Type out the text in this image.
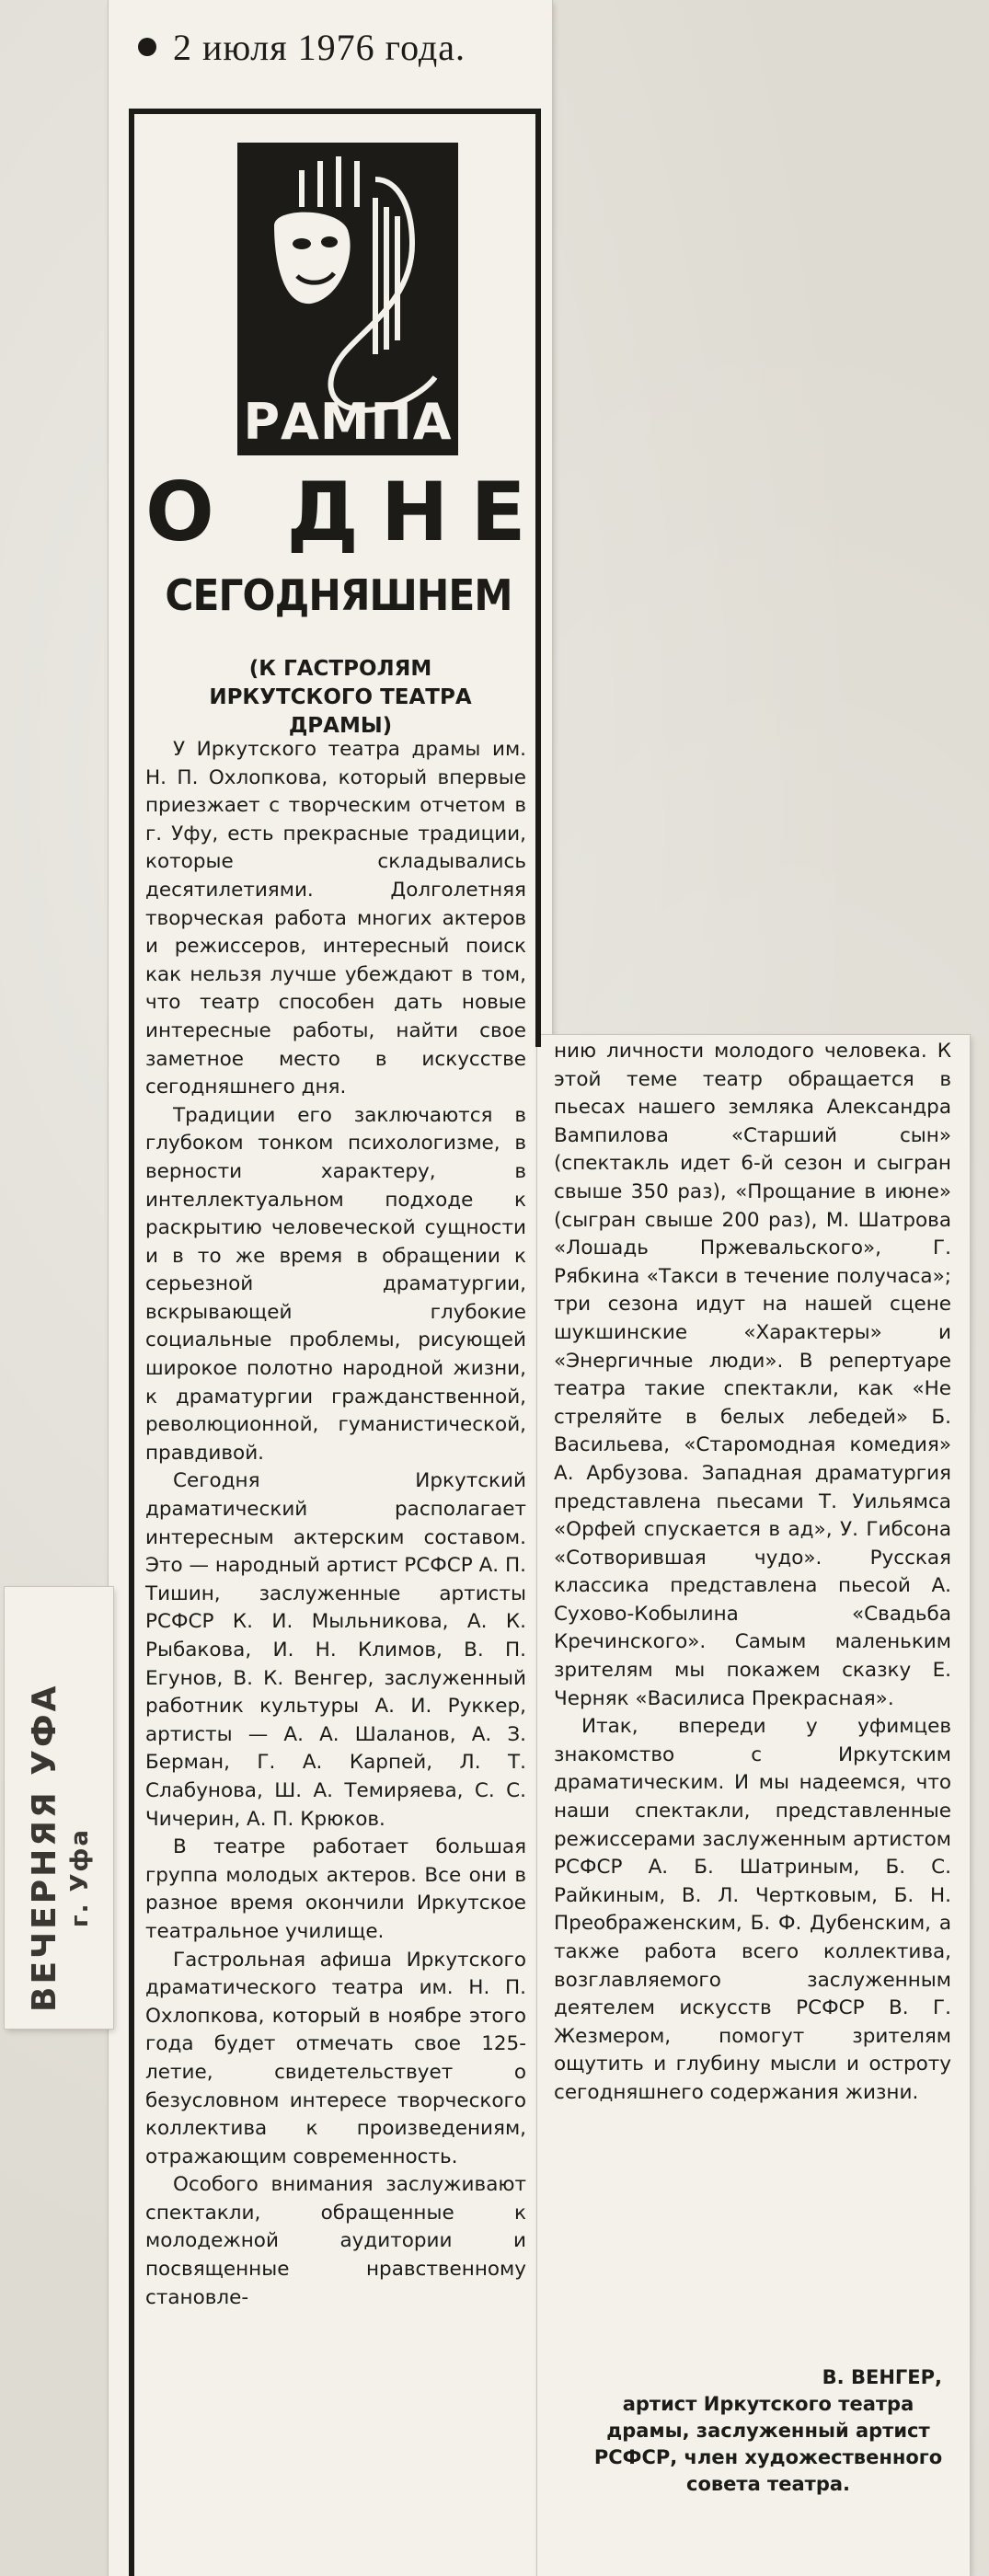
2 июля 1976 года.
РАМПА
О ДНЕ
СЕГОДНЯШНЕМ
(К ГАСТРОЛЯМ ИРКУТСКОГО ТЕАТРА ДРАМЫ)

У Иркутского театра драмы им. Н. П. Охлопкова, который впервые приезжает с творческим отчетом в г. Уфу, есть прекрасные традиции, которые складывались десятилетиями. Долголетняя творческая работа многих актеров и режиссеров, интересный поиск как нельзя лучше убеждают в том, что театр способен дать новые интересные работы, найти свое заметное место в искусстве сегодняшнего дня.

Традиции его заключаются в глубоком тонком психологизме, в верности характеру, в интеллектуальном подходе к раскрытию человеческой сущности и в то же время в обращении к серьезной драматургии, вскрывающей глубокие социальные проблемы, рисующей широкое полотно народной жизни, к драматургии гражданственной, революционной, гуманистической, правдивой.

Сегодня Иркутский драматический располагает интересным актерским составом. Это — народный артист РСФСР А. П. Тишин, заслуженные артисты РСФСР К. И. Мыльникова, А. К. Рыбакова, И. Н. Климов, В. П. Егунов, В. К. Венгер, заслуженный работник культуры А. И. Руккер, артисты — А. А. Шаланов, А. З. Берман, Г. А. Карпей, Л. Т. Слабунова, Ш. А. Темиряева, С. С. Чичерин, А. П. Крюков.

В театре работает большая группа молодых актеров. Все они в разное время окончили Иркутское театральное училище.

Гастрольная афиша Иркутского драматического театра им. Н. П. Охлопкова, который в ноябре этого года будет отмечать свое 125-летие, свидетельствует о безусловном интересе творческого коллектива к произведениям, отражающим современность.

Особого внимания заслуживают спектакли, обращенные к молодежной аудитории и посвященные нравственному становле-

нию личности молодого человека. К этой теме театр обращается в пьесах нашего земляка Александра Вампилова «Старший сын» (спектакль идет 6-й сезон и сыгран свыше 350 раз), «Прощание в июне» (сыгран свыше 200 раз), М. Шатрова «Лошадь Пржевальского», Г. Рябкина «Такси в течение получаса»; три сезона идут на нашей сцене шукшинские «Характеры» и «Энергичные люди». В репертуаре театра такие спектакли, как «Не стреляйте в белых лебедей» Б. Васильева, «Старомодная комедия» А. Арбузова. Западная драматургия представлена пьесами Т. Уильямса «Орфей спускается в ад», У. Гибсона «Сотворившая чудо». Русская классика представлена пьесой А. Сухово-Кобылина «Свадьба Кречинского». Самым маленьким зрителям мы покажем сказку Е. Черняк «Василиса Прекрасная».

Итак, впереди у уфимцев знакомство с Иркутским драматическим. И мы надеемся, что наши спектакли, представленные режиссерами заслуженным артистом РСФСР А. Б. Шатриным, Б. С. Райкиным, В. Л. Чертковым, Б. Н. Преображенским, Б. Ф. Дубенским, а также работа всего коллектива, возглавляемого заслуженным деятелем искусств РСФСР В. Г. Жезмером, помогут зрителям ощутить и глубину мысли и остроту сегодняшнего содержания жизни.

В. ВЕНГЕР,
артист Иркутского театра драмы, заслуженный артист РСФСР, член художественного совета театра.
ВЕЧЕРНЯЯ УФА г. Уфа
